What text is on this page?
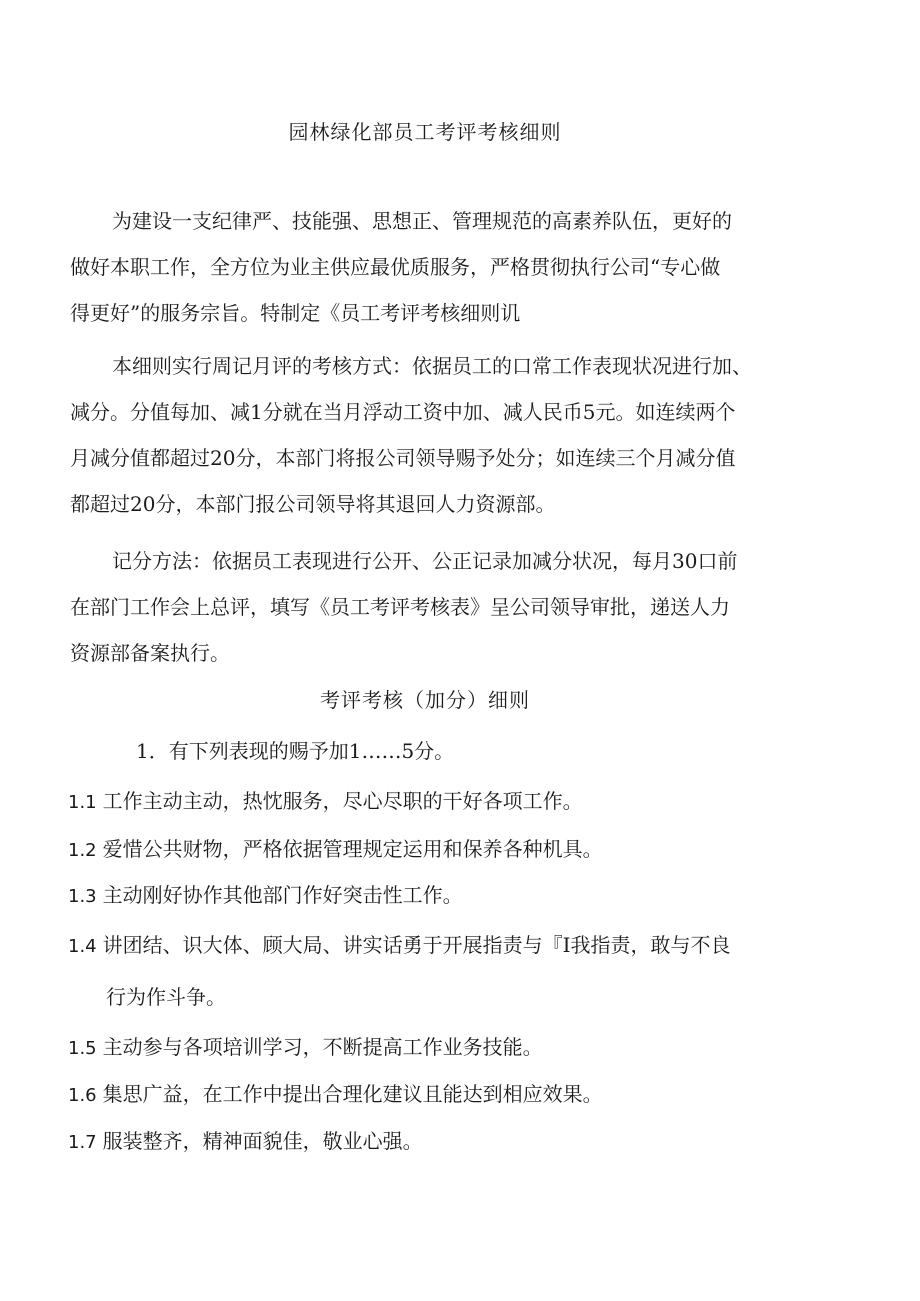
园林绿化部员工考评考核细则
为建设一支纪律严、技能强、思想正、管理规范的高素养队伍，更好的
做好本职工作，全方位为业主供应最优质服务，严格贯彻执行公司“专心做
得更好”的服务宗旨。特制定《员工考评考核细则讥
本细则实行周记月评的考核方式：依据员工的口常工作表现状况进行加、
减分。分值每加、减1分就在当月浮动工资中加、减人民币5元。如连续两个
月减分值都超过20分，本部门将报公司领导赐予处分；如连续三个月减分值
都超过20分，本部门报公司领导将其退回人力资源部。
记分方法：依据员工表现进行公开、公正记录加减分状况，每月30口前
在部门工作会上总评，填写《员工考评考核表》呈公司领导审批，递送人力
资源部备案执行。
考评考核（加分）细则
1．有下列表现的赐予加1……5分。
1.1 工作主动主动，热忱服务，尽心尽职的干好各项工作。
1.2 爱惜公共财物，严格依据管理规定运用和保养各种机具。
1.3 主动刚好协作其他部门作好突击性工作。
1.4 讲团结、识大体、顾大局、讲实话勇于开展指责与『I我指责，敢与不良
行为作斗争。
1.5 主动参与各项培训学习，不断提高工作业务技能。
1.6 集思广益，在工作中提出合理化建议且能达到相应效果。
1.7 服装整齐，精神面貌佳，敬业心强。
